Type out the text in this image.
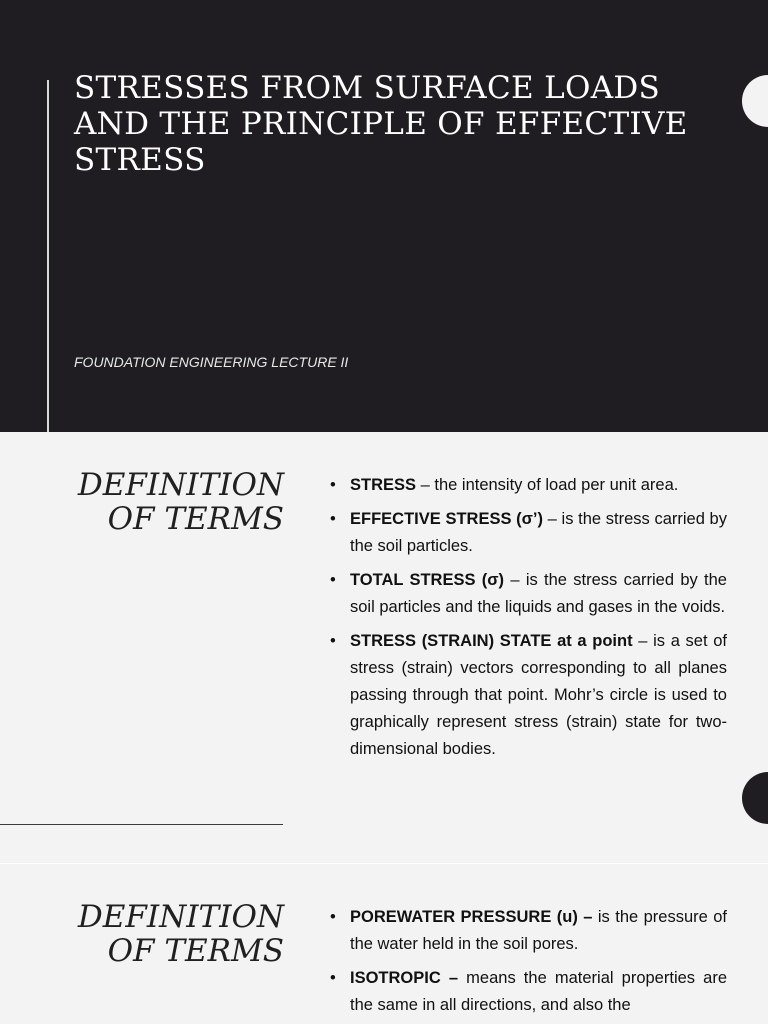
STRESSES FROM SURFACE LOADS AND THE PRINCIPLE OF EFFECTIVE STRESS

FOUNDATION ENGINEERING LECTURE II

DEFINITION OF TERMS
• STRESS – the intensity of load per unit area.
• EFFECTIVE STRESS (σ’) – is the stress carried by the soil particles.
• TOTAL STRESS (σ) – is the stress carried by the soil particles and the liquids and gases in the voids.
• STRESS (STRAIN) STATE at a point – is a set of stress (strain) vectors corresponding to all planes passing through that point. Mohr’s circle is used to graphically represent stress (strain) state for two-dimensional bodies.
DEFINITION OF TERMS
• POREWATER PRESSURE (u) – is the pressure of the water held in the soil pores.
• ISOTROPIC – means the material properties are the same in all directions, and also the
